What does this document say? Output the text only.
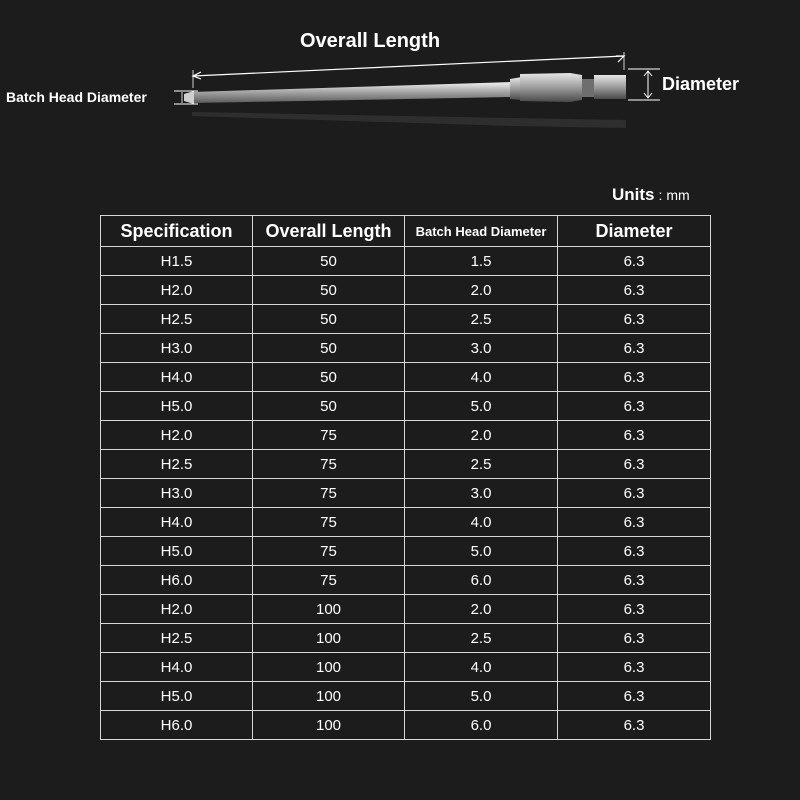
Overall Length
Batch Head Diameter
Diameter
Units : mm
Specification	Overall Length	Batch Head Diameter	Diameter
H1.5	50	1.5	6.3
H2.0	50	2.0	6.3
H2.5	50	2.5	6.3
H3.0	50	3.0	6.3
H4.0	50	4.0	6.3
H5.0	50	5.0	6.3
H2.0	75	2.0	6.3
H2.5	75	2.5	6.3
H3.0	75	3.0	6.3
H4.0	75	4.0	6.3
H5.0	75	5.0	6.3
H6.0	75	6.0	6.3
H2.0	100	2.0	6.3
H2.5	100	2.5	6.3
H4.0	100	4.0	6.3
H5.0	100	5.0	6.3
H6.0	100	6.0	6.3
